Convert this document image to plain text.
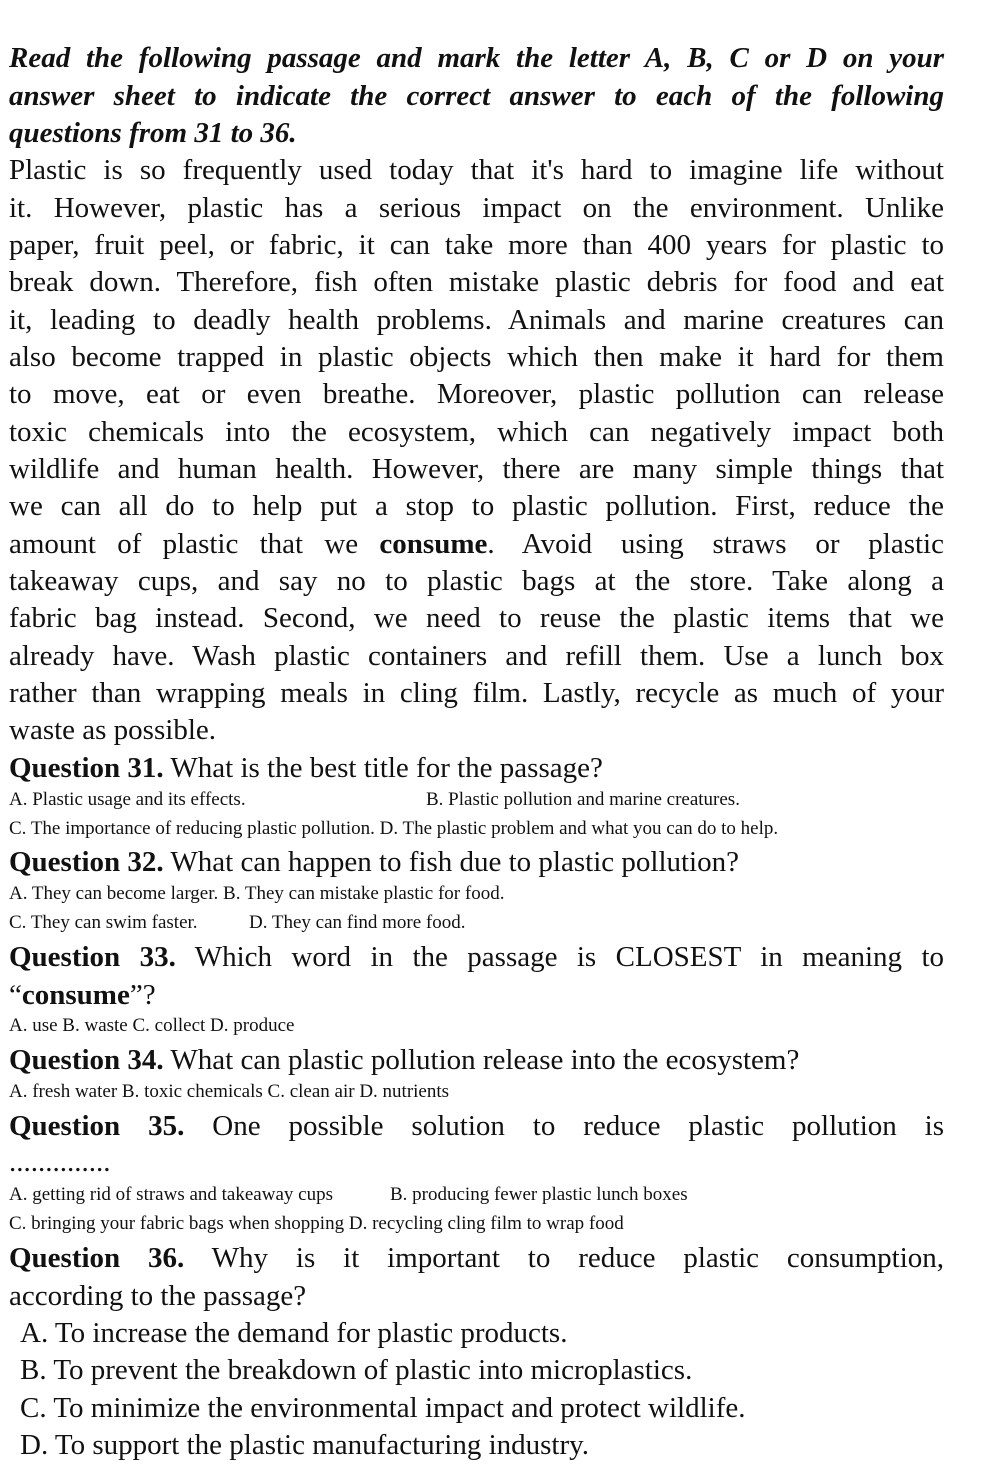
Read the following passage and mark the letter A, B, C or D on your

answer sheet to indicate the correct answer to each of the following

questions from 31 to 36.

Plastic is so frequently used today that it's hard to imagine life without

it. However, plastic has a serious impact on the environment. Unlike

paper, fruit peel, or fabric, it can take more than 400 years for plastic to

break down. Therefore, fish often mistake plastic debris for food and eat

it, leading to deadly health problems. Animals and marine creatures can

also become trapped in plastic objects which then make it hard for them

to move, eat or even breathe. Moreover, plastic pollution can release

toxic chemicals into the ecosystem, which can negatively impact both

wildlife and human health. However, there are many simple things that

we can all do to help put a stop to plastic pollution. First, reduce the

amount of plastic that we consume . Avoid using straws or plastic

takeaway cups, and say no to plastic bags at the store. Take along a

fabric bag instead. Second, we need to reuse the plastic items that we

already have. Wash plastic containers and refill them. Use a lunch box

rather than wrapping meals in cling film. Lastly, recycle as much of your

waste as possible.

Question 31. What is the best title for the passage?

A. Plastic usage and its effects.	B. Plastic pollution and marine creatures.

C. The importance of reducing plastic pollution. D. The plastic problem and what you can do to help.

Question 32. What can happen to fish due to plastic pollution?

A. They can become larger. B. They can mistake plastic for food.

C. They can swim faster.	D. They can find more food.

Question 33. Which word in the passage is CLOSEST in meaning to

“consume”?

A. use B. waste C. collect D. produce

Question 34. What can plastic pollution release into the ecosystem?

A. fresh water B. toxic chemicals C. clean air D. nutrients

Question 35. One possible solution to reduce plastic pollution is

..............

A. getting rid of straws and takeaway cups	B. producing fewer plastic lunch boxes

C. bringing your fabric bags when shopping D. recycling cling film to wrap food

Question 36. Why is it important to reduce plastic consumption,

according to the passage?

A. To increase the demand for plastic products.

B. To prevent the breakdown of plastic into microplastics.

C. To minimize the environmental impact and protect wildlife.

D. To support the plastic manufacturing industry.
